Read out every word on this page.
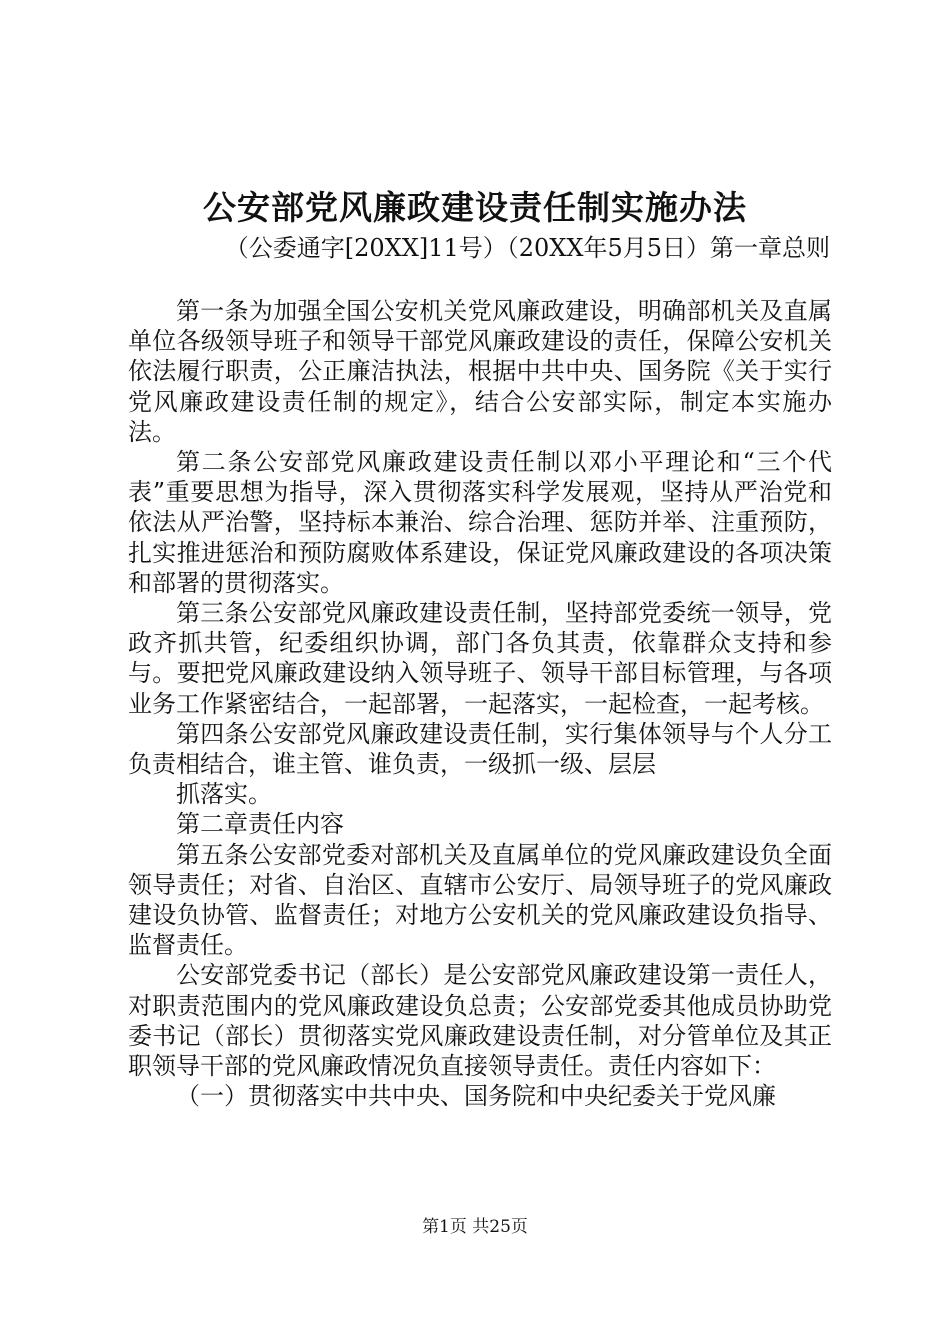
公安部党风廉政建设责任制实施办法
（公委通字[20XX]11号）（20XX年5月5日）第一章总则

第一条为加强全国公安机关党风廉政建设，明确部机关及直属单位各级领导班子和领导干部党风廉政建设的责任，保障公安机关依法履行职责，公正廉洁执法，根据中共中央、国务院《关于实行党风廉政建设责任制的规定》，结合公安部实际，制定本实施办法。

第二条公安部党风廉政建设责任制以邓小平理论和“三个代表”重要思想为指导，深入贯彻落实科学发展观，坚持从严治党和依法从严治警，坚持标本兼治、综合治理、惩防并举、注重预防，扎实推进惩治和预防腐败体系建设，保证党风廉政建设的各项决策和部署的贯彻落实。

第三条公安部党风廉政建设责任制，坚持部党委统一领导，党政齐抓共管，纪委组织协调，部门各负其责，依靠群众支持和参与。要把党风廉政建设纳入领导班子、领导干部目标管理，与各项业务工作紧密结合，一起部署，一起落实，一起检查，一起考核。

第四条公安部党风廉政建设责任制，实行集体领导与个人分工负责相结合，谁主管、谁负责，一级抓一级、层层

抓落实。

第二章责任内容

第五条公安部党委对部机关及直属单位的党风廉政建设负全面领导责任；对省、自治区、直辖市公安厅、局领导班子的党风廉政建设负协管、监督责任；对地方公安机关的党风廉政建设负指导、监督责任。

公安部党委书记（部长）是公安部党风廉政建设第一责任人，对职责范围内的党风廉政建设负总责；公安部党委其他成员协助党委书记（部长）贯彻落实党风廉政建设责任制，对分管单位及其正职领导干部的党风廉政情况负直接领导责任。责任内容如下：

（一）贯彻落实中共中央、国务院和中央纪委关于党风廉

第1页 共25页
